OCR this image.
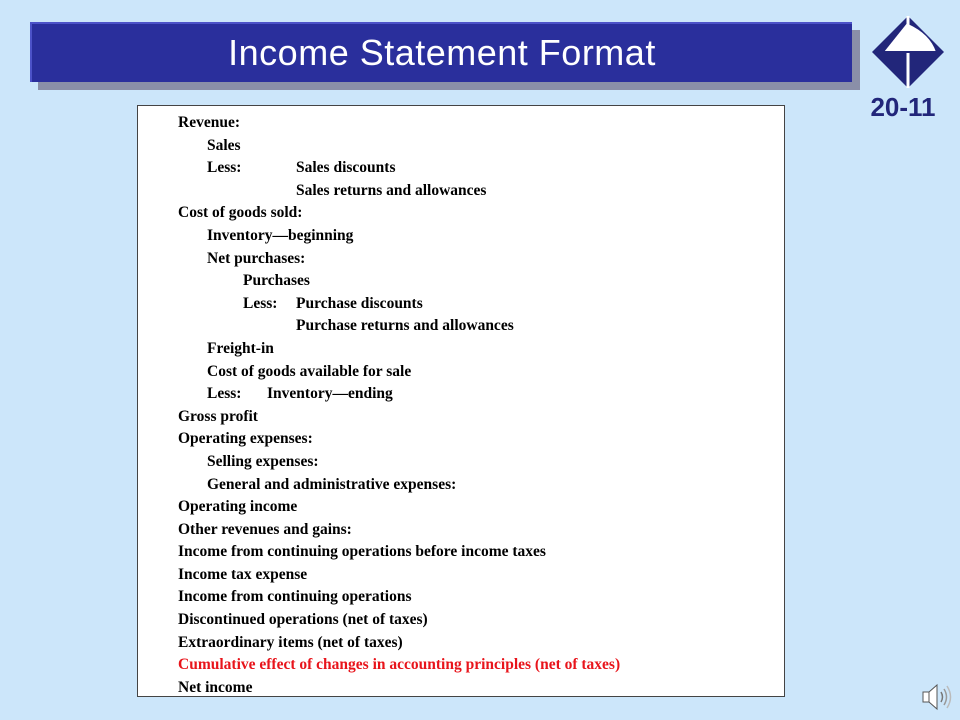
Income Statement Format
20-11
Revenue:
Sales
Less:	Sales discounts
Sales returns and allowances
Cost of goods sold:
Inventory—beginning
Net purchases:
Purchases
Less: Purchase discounts
Purchase returns and allowances
Freight-in
Cost of goods available for sale
Less: Inventory—ending
Gross profit
Operating expenses:
Selling expenses:
General and administrative expenses:
Operating income
Other revenues and gains:
Income from continuing operations before income taxes
Income tax expense
Income from continuing operations
Discontinued operations (net of taxes)
Extraordinary items (net of taxes)
Cumulative effect of changes in accounting principles (net of taxes)
Net income
